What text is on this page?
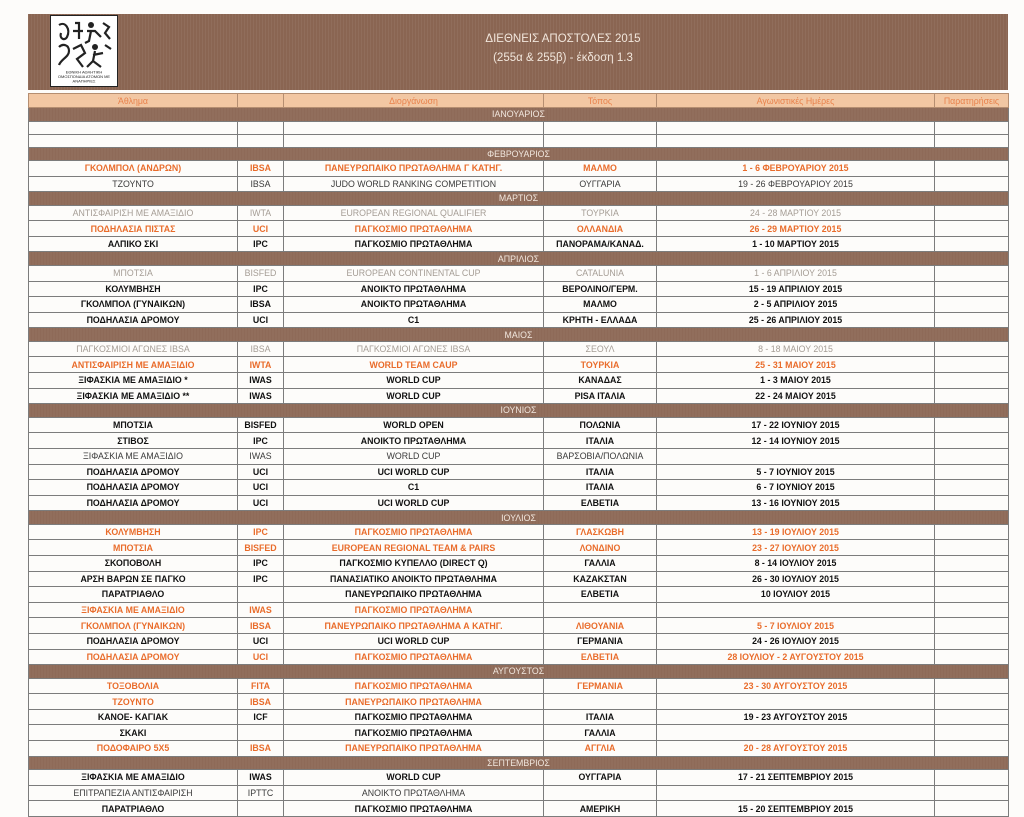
ΔΙΕΘΝΕΙΣ ΑΠΟΣΤΟΛΕΣ 2015
(255α & 255β) - έκδοση 1.3
ΕΘΝΙΚΗ ΑΘΛΗΤΙΚΗ ΟΜΟΣΠΟΝΔΙΑ ΑΤΟΜΩΝ ΜΕ ΑΝΑΠΗΡΙΕΣ
Άθλημα		Διοργάνωση	Τόπος	Αγωνιστικές Ημέρες	Παρατηρήσεις
ΙΑΝΟΥΑΡΙΟΣ					

ΦΕΒΡΟΥΑΡΙΟΣ					
ΓΚΟΛΜΠΟΛ (ΑΝΔΡΩΝ)	IBSA	ΠΑΝΕΥΡΩΠΑΙΚΟ ΠΡΩΤΑΘΛΗΜΑ Γ ΚΑΤΗΓ.	ΜΑΛΜΟ	1 - 6 ΦΕΒΡΟΥΑΡΙΟΥ 2015	
ΤΖΟΥΝΤΟ	IBSA	JUDO WORLD RANKING COMPETITION	ΟΥΓΓΑΡΙΑ	19 - 26 ΦΕΒΡΟΥΑΡΙΟΥ 2015	
ΜΑΡΤΙΟΣ					
ΑΝΤΙΣΦΑΙΡΙΣΗ ΜΕ ΑΜΑΞΙΔΙΟ	IWTA	EUROPEAN REGIONAL QUALIFIER	ΤΟΥΡΚΙΑ	24 - 28 ΜΑΡΤΙΟΥ 2015	
ΠΟΔΗΛΑΣΙΑ ΠΙΣΤΑΣ	UCI	ΠΑΓΚΟΣΜΙΟ ΠΡΩΤΑΘΛΗΜΑ	ΟΛΛΑΝΔΙΑ	26 - 29 ΜΑΡΤΙΟΥ 2015	
ΑΛΠΙΚΟ ΣΚΙ	IPC	ΠΑΓΚΟΣΜΙΟ ΠΡΩΤΑΘΛΗΜΑ	ΠΑΝΟΡΑΜΑ/ΚΑΝΑΔ.	1 - 10 ΜΑΡΤΙΟΥ 2015	
ΑΠΡΙΛΙΟΣ					
ΜΠΟΤΣΙΑ	BISFED	EUROPEAN CONTINENTAL CUP	CATALUNIA	1 - 6 ΑΠΡΙΛΙΟΥ 2015	
ΚΟΛΥΜΒΗΣΗ	IPC	ΑΝΟΙΚΤΟ ΠΡΩΤΑΘΛΗΜΑ	ΒΕΡΟΛΙΝΟ/ΓΕΡΜ.	15 - 19 ΑΠΡΙΛΙΟΥ 2015	
ΓΚΟΛΜΠΟΛ (ΓΥΝΑΙΚΩΝ)	IBSA	ΑΝΟΙΚΤΟ ΠΡΩΤΑΘΛΗΜΑ	ΜΑΛΜΟ	2 - 5 ΑΠΡΙΛΙΟΥ 2015	
ΠΟΔΗΛΑΣΙΑ ΔΡΟΜΟΥ	UCI	C1	ΚΡΗΤΗ - ΕΛΛΑΔΑ	25 - 26 ΑΠΡΙΛΙΟΥ 2015	
ΜΑΙΟΣ					
ΠΑΓΚΟΣΜΙΟΙ ΑΓΩΝΕΣ IBSA	IBSA	ΠΑΓΚΟΣΜΙΟΙ ΑΓΩΝΕΣ IBSA	ΣΕΟΥΛ	8 - 18 ΜΑΙΟΥ 2015	
ΑΝΤΙΣΦΑΙΡΙΣΗ ΜΕ ΑΜΑΞΙΔΙΟ	IWTA	WORLD TEAM CAUP	ΤΟΥΡΚΙΑ	25 - 31 ΜΑΙΟΥ 2015	
ΞΙΦΑΣΚΙΑ ΜΕ ΑΜΑΞΙΔΙΟ *	IWAS	WORLD CUP	ΚΑΝΑΔΑΣ	1 - 3 ΜΑΙΟΥ 2015	
ΞΙΦΑΣΚΙΑ ΜΕ ΑΜΑΞΙΔΙΟ **	IWAS	WORLD CUP	PISA ΙΤΑΛΙΑ	22 - 24 ΜΑΙΟΥ 2015	
ΙΟΥΝΙΟΣ					
ΜΠΟΤΣΙΑ	BISFED	WORLD OPEN	ΠΟΛΩΝΙΑ	17 - 22 ΙΟΥΝΙΟΥ 2015	
ΣΤΙΒΟΣ	IPC	ΑΝΟΙΚΤΟ ΠΡΩΤΑΘΛΗΜΑ	ΙΤΑΛΙΑ	12 - 14 ΙΟΥΝΙΟΥ 2015	
ΞΙΦΑΣΚΙΑ ΜΕ ΑΜΑΞΙΔΙΟ	IWAS	WORLD CUP	ΒΑΡΣΟΒΙΑ/ΠΟΛΩΝΙΑ		
ΠΟΔΗΛΑΣΙΑ ΔΡΟΜΟΥ	UCI	UCI WORLD CUP	ΙΤΑΛΙΑ	5 - 7 ΙΟΥΝΙΟΥ 2015	
ΠΟΔΗΛΑΣΙΑ ΔΡΟΜΟΥ	UCI	C1	ΙΤΑΛΙΑ	6 - 7 ΙΟΥΝΙΟΥ 2015	
ΠΟΔΗΛΑΣΙΑ ΔΡΟΜΟΥ	UCI	UCI WORLD CUP	ΕΛΒΕΤΙΑ	13 - 16 ΙΟΥΝΙΟΥ 2015	
ΙΟΥΛΙΟΣ					
ΚΟΛΥΜΒΗΣΗ	IPC	ΠΑΓΚΟΣΜΙΟ ΠΡΩΤΑΘΛΗΜΑ	ΓΛΑΣΚΩΒΗ	13 - 19 ΙΟΥΛΙΟΥ 2015	
ΜΠΟΤΣΙΑ	BISFED	EUROPEAN REGIONAL TEAM & PAIRS	ΛΟΝΔΙΝΟ	23 - 27 ΙΟΥΛΙΟΥ 2015	
ΣΚΟΠΟΒΟΛΗ	IPC	ΠΑΓΚΟΣΜΙΟ ΚΥΠΕΛΛΟ (DIRECT Q)	ΓΑΛΛΙΑ	8 - 14 ΙΟΥΛΙΟΥ 2015	
ΑΡΣΗ ΒΑΡΩΝ ΣΕ ΠΑΓΚΟ	IPC	ΠΑΝΑΣΙΑΤΙΚΟ ΑΝΟΙΚΤΟ ΠΡΩΤΑΘΛΗΜΑ	ΚΑΖΑΚΣΤΑΝ	26 - 30 ΙΟΥΛΙΟΥ 2015	
ΠΑΡΑΤΡΙΑΘΛΟ		ΠΑΝΕΥΡΩΠΑΙΚΟ ΠΡΩΤΑΘΛΗΜΑ	ΕΛΒΕΤΙΑ	10 ΙΟΥΛΙΟΥ 2015	
ΞΙΦΑΣΚΙΑ ΜΕ ΑΜΑΞΙΔΙΟ	IWAS	ΠΑΓΚΟΣΜΙΟ ΠΡΩΤΑΘΛΗΜΑ			
ΓΚΟΛΜΠΟΛ (ΓΥΝΑΙΚΩΝ)	IBSA	ΠΑΝΕΥΡΩΠΑΙΚΟ ΠΡΩΤΑΘΛΗΜΑ Α ΚΑΤΗΓ.	ΛΙΘΟΥΑΝΙΑ	5 - 7 ΙΟΥΛΙΟΥ 2015	
ΠΟΔΗΛΑΣΙΑ ΔΡΟΜΟΥ	UCI	UCI WORLD CUP	ΓΕΡΜΑΝΙΑ	24 - 26 ΙΟΥΛΙΟΥ 2015	
ΠΟΔΗΛΑΣΙΑ ΔΡΟΜΟΥ	UCI	ΠΑΓΚΟΣΜΙΟ ΠΡΩΤΑΘΛΗΜΑ	ΕΛΒΕΤΙΑ	28 ΙΟΥΛΙΟΥ - 2 ΑΥΓΟΥΣΤΟΥ 2015	
ΑΥΓΟΥΣΤΟΣ					
ΤΟΞΟΒΟΛΙΑ	FITA	ΠΑΓΚΟΣΜΙΟ ΠΡΩΤΑΘΛΗΜΑ	ΓΕΡΜΑΝΙΑ	23 - 30 ΑΥΓΟΥΣΤΟΥ 2015	
ΤΖΟΥΝΤΟ	IBSA	ΠΑΝΕΥΡΩΠΑΙΚΟ ΠΡΩΤΑΘΛΗΜΑ			
ΚΑΝΟΕ- ΚΑΓΙΑΚ	ICF	ΠΑΓΚΟΣΜΙΟ ΠΡΩΤΑΘΛΗΜΑ	ΙΤΑΛΙΑ	19 - 23 ΑΥΓΟΥΣΤΟΥ 2015	
ΣΚΑΚΙ		ΠΑΓΚΟΣΜΙΟ ΠΡΩΤΑΘΛΗΜΑ	ΓΑΛΛΙΑ		
ΠΟΔΟΦΑΙΡΟ 5Χ5	IBSA	ΠΑΝΕΥΡΩΠΑΙΚΟ ΠΡΩΤΑΘΛΗΜΑ	ΑΓΓΛΙΑ	20 - 28 ΑΥΓΟΥΣΤΟΥ 2015	
ΣΕΠΤΕΜΒΡΙΟΣ					
ΞΙΦΑΣΚΙΑ ΜΕ ΑΜΑΞΙΔΙΟ	IWAS	WORLD CUP	ΟΥΓΓΑΡΙΑ	17 - 21 ΣΕΠΤΕΜΒΡΙΟΥ 2015	
ΕΠΙΤΡΑΠΕΖΙΑ ΑΝΤΙΣΦΑΙΡΙΣΗ	IPTTC	ΑΝΟΙΚΤΟ ΠΡΩΤΑΘΛΗΜΑ			
ΠΑΡΑΤΡΙΑΘΛΟ		ΠΑΓΚΟΣΜΙΟ ΠΡΩΤΑΘΛΗΜΑ	ΑΜΕΡΙΚΗ	15 - 20 ΣΕΠΤΕΜΒΡΙΟΥ 2015	
